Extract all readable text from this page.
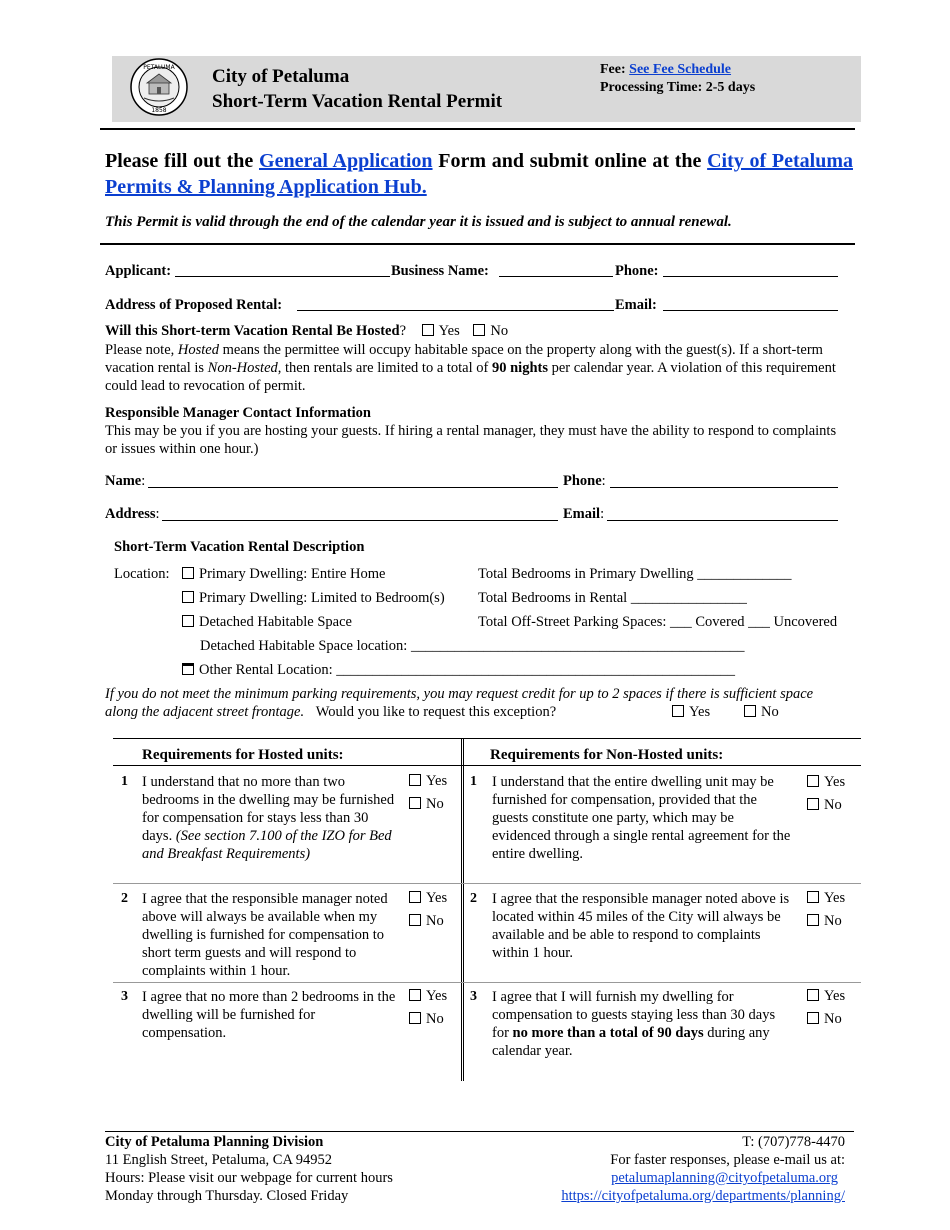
PETALUMA
1858
City of Petaluma
Short-Term Vacation Rental Permit
Fee: See Fee Schedule
Processing Time: 2-5 days
Please fill out the General Application Form and submit online at the City of Petaluma Permits & Planning Application Hub.
This Permit is valid through the end of the calendar year it is issued and is subject to annual renewal.
Applicant:	Business Name:	Phone:
Address of Proposed Rental:	Email:
Will this Short-term Vacation Rental Be Hosted? Yes No
Please note, Hosted means the permittee will occupy habitable space on the property along with the guest(s). If a short-term vacation rental is Non-Hosted, then rentals are limited to a total of 90 nights per calendar year. A violation of this requirement could lead to revocation of permit.
Responsible Manager Contact Information
This may be you if you are hosting your guests. If hiring a rental manager, they must have the ability to respond to complaints or issues within one hour.)
Name:	Phone:
Address:	Email:
Short-Term Vacation Rental Description
Location:	Primary Dwelling: Entire Home
Primary Dwelling: Limited to Bedroom(s)
Detached Habitable Space
Detached Habitable Space location: ______________________________________________
Other Rental Location: _______________________________________________________
Total Bedrooms in Primary Dwelling _____________
Total Bedrooms in Rental ________________
Total Off-Street Parking Spaces: ___ Covered ___ Uncovered
If you do not meet the minimum parking requirements, you may request credit for up to 2 spaces if there is sufficient space along the adjacent street frontage. Would you like to request this exception?	Yes	No
Requirements for Hosted units:	Requirements for Non-Hosted units:
1 I understand that no more than two bedrooms in the dwelling may be furnished for compensation for stays less than 30 days. (See section 7.100 of the IZO for Bed and Breakfast Requirements)
Yes
No
1 I understand that the entire dwelling unit may be furnished for compensation, provided that the guests constitute one party, which may be evidenced through a single rental agreement for the entire dwelling.
Yes
No
2 I agree that the responsible manager noted above will always be available when my dwelling is furnished for compensation to short term guests and will respond to complaints within 1 hour.
Yes
No
2 I agree that the responsible manager noted above is located within 45 miles of the City will always be available and be able to respond to complaints within 1 hour.
Yes
No
3 I agree that no more than 2 bedrooms in the dwelling will be furnished for compensation.
Yes
No
3 I agree that I will furnish my dwelling for compensation to guests staying less than 30 days for no more than a total of 90 days during any calendar year.
Yes
No
City of Petaluma Planning Division
11 English Street, Petaluma, CA 94952
Hours: Please visit our webpage for current hours
Monday through Thursday. Closed Friday
T: (707)778-4470
For faster responses, please e-mail us at:
petalumaplanning@cityofpetaluma.org
https://cityofpetaluma.org/departments/planning/
